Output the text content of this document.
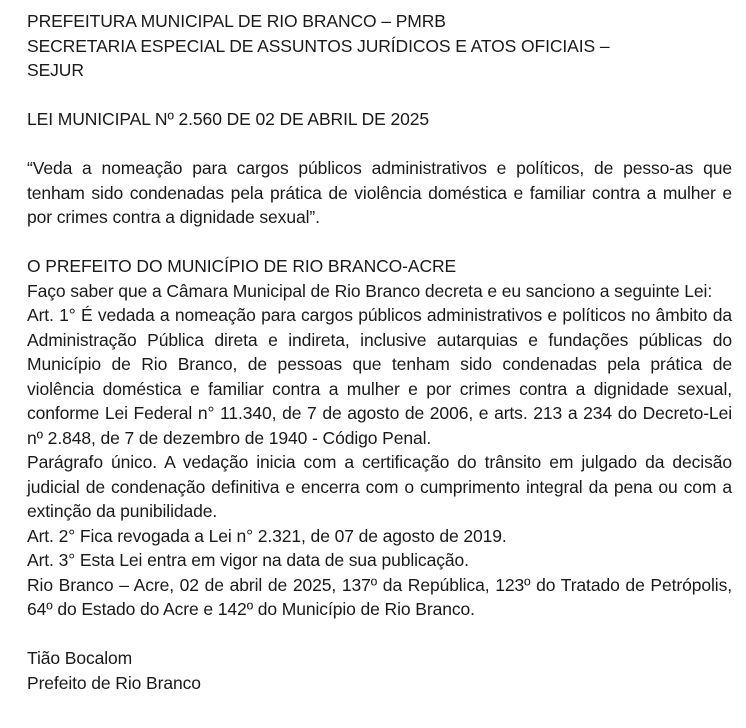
PREFEITURA MUNICIPAL DE RIO BRANCO – PMRB
SECRETARIA ESPECIAL DE ASSUNTOS JURÍDICOS E ATOS OFICIAIS –
SEJUR

LEI MUNICIPAL Nº 2.560 DE 02 DE ABRIL DE 2025

“Veda a nomeação para cargos públicos administrativos e políticos, de pesso-as que tenham sido condenadas pela prática de violência doméstica e familiar contra a mulher e por crimes contra a dignidade sexual”.

O PREFEITO DO MUNICÍPIO DE RIO BRANCO-ACRE

Faço saber que a Câmara Municipal de Rio Branco decreta e eu sanciono a seguinte Lei:

Art. 1° É vedada a nomeação para cargos públicos administrativos e políticos no âmbito da Administração Pública direta e indireta, inclusive autarquias e fundações públicas do Município de Rio Branco, de pessoas que tenham sido condenadas pela prática de violência doméstica e familiar contra a mulher e por crimes contra a dignidade sexual, conforme Lei Federal n° 11.340, de 7 de agosto de 2006, e arts. 213 a 234 do Decreto-Lei nº 2.848, de 7 de dezembro de 1940 - Código Penal.

Parágrafo único. A vedação inicia com a certificação do trânsito em julgado da decisão judicial de condenação definitiva e encerra com o cumprimento integral da pena ou com a extinção da punibilidade.

Art. 2° Fica revogada a Lei n° 2.321, de 07 de agosto de 2019.

Art. 3° Esta Lei entra em vigor na data de sua publicação.

Rio Branco – Acre, 02 de abril de 2025, 137º da República, 123º do Tratado de Petrópolis, 64º do Estado do Acre e 142º do Município de Rio Branco.

Tião Bocalom
Prefeito de Rio Branco
